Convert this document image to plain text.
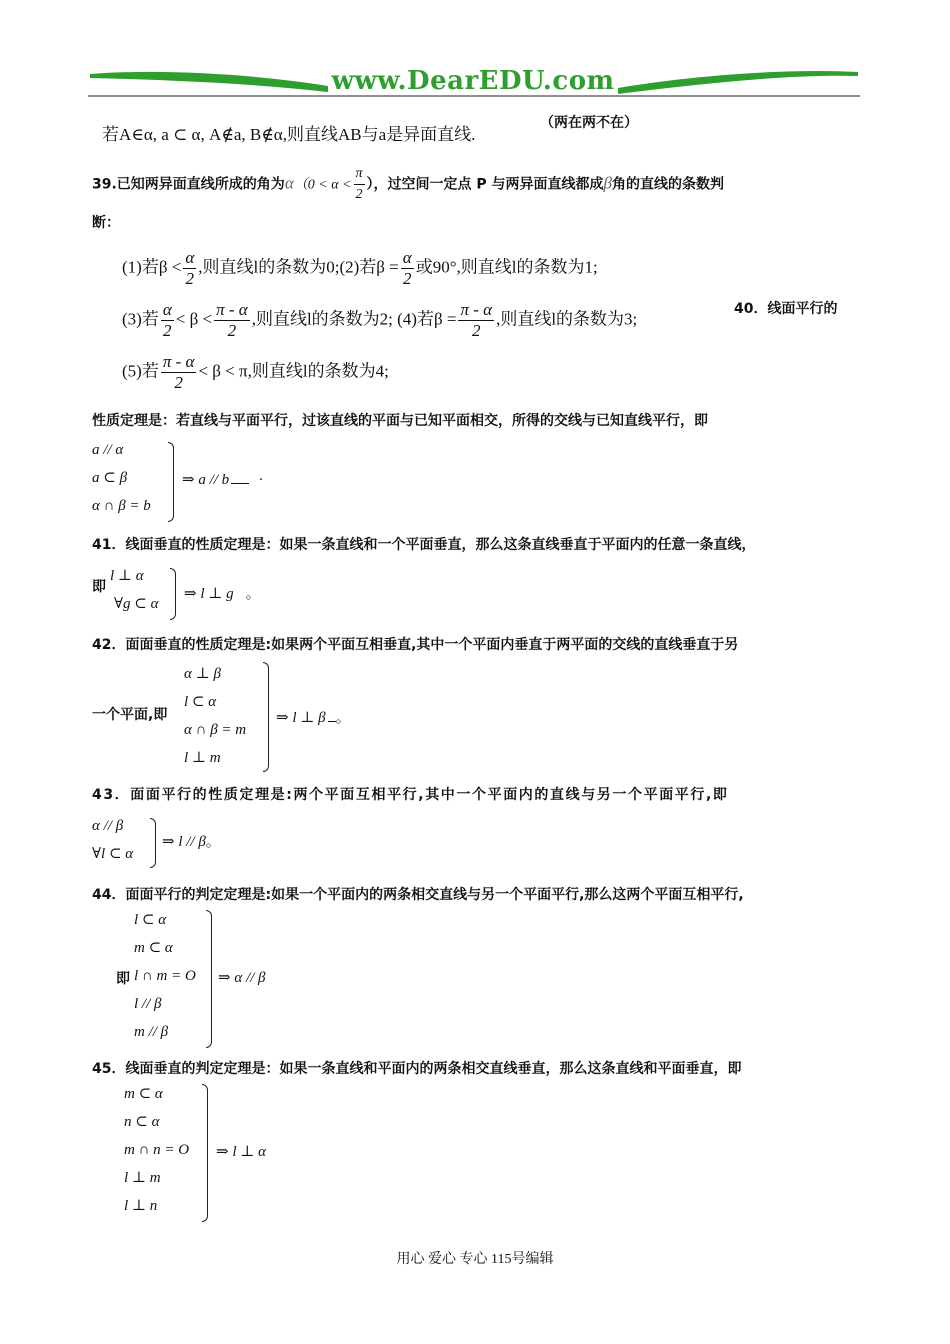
www.DearEDU.com
若A∈α, a ⊂ α, A∉a, B∉α,则直线AB与a是异面直线.
（两在两不在）
39.已知两异面直线所成的角为$\alpha(0 < \alpha < \frac{\pi}{2}$ ），过空间一定点 P 与两异面直线都成β角的直线的条数判
断：
(1)若$\beta < \frac{\alpha}{2}$ ,则直线l的条数为0;(2)若$\beta = \frac{\alpha}{2}$ 或90°,则直线l的条数为1;
(3)若 $\frac{\alpha}{2} < \beta < \frac{\pi - \alpha}{2}$ ,则直线l的条数为2; (4)若$\beta = \frac{\pi - \alpha}{2}$ ,则直线l的条数为3;
40．线面平行的
(5)若 $\frac{\pi - \alpha}{2} < \beta < \pi$,则直线l的条数为4;
性质定理是：若直线与平面平行，过该直线的平面与已知平面相交，所得的交线与已知直线平行，即
a // α
a ⊂ β
α ∩ β = b
⇒ a // b ·
41．线面垂直的性质定理是：如果一条直线和一个平面垂直，那么这条直线垂直于平面内的任意一条直线，
即
l ⊥ α
∀g ⊂ α
⇒ l ⊥ g 。
42．面面垂直的性质定理是:如果两个平面互相垂直,其中一个平面内垂直于两平面的交线的直线垂直于另
一个平面,即
α ⊥ β
l ⊂ α
α ∩ β = m
l ⊥ m
⇒ l ⊥ β 。
43．面面平行的性质定理是:两个平面互相平行,其中一个平面内的直线与另一个平面平行,即
α // β
∀l ⊂ α
⇒ l // β。
44．面面平行的判定定理是:如果一个平面内的两条相交直线与另一个平面平行,那么这两个平面互相平行,
即
l ⊂ α
m ⊂ α
l ∩ m = O
l // β
m // β
⇒ α // β
45．线面垂直的判定定理是：如果一条直线和平面内的两条相交直线垂直，那么这条直线和平面垂直，即
m ⊂ α
n ⊂ α
m ∩ n = O
l ⊥ m
l ⊥ n
⇒ l ⊥ α
用心 爱心 专心 115号编辑
